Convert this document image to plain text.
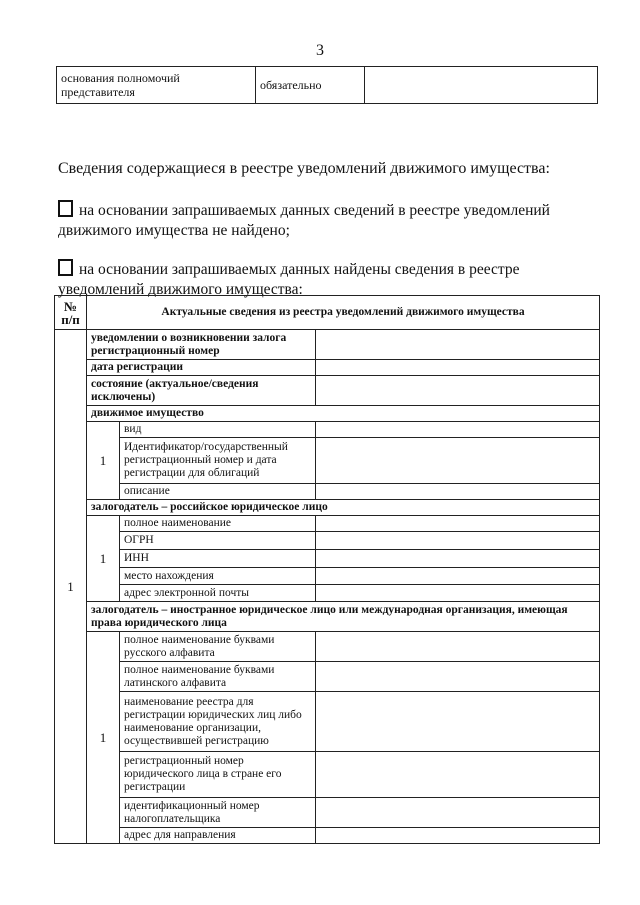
3
основания полномочий представителя	обязательно	
Сведения содержащиеся в реестре уведомлений движимого имущества:
на основании запрашиваемых данных сведений в реестре уведомлений движимого имущества не найдено;
на основании запрашиваемых данных найдены сведения в реестре уведомлений движимого имущества:
№ п/п	Актуальные сведения из реестра уведомлений движимого имущества		
1	уведомлении о возникновении залога регистрационный номер		
	дата регистрации		
	состояние (актуальное/сведения исключены)		
	движимое имущество		
	1	вид	
		Идентификатор/государственный регистрационный номер и дата регистрации для облигаций	
		описание	
	залогодатель – российское юридическое лицо		
	1	полное наименование	
		ОГРН	
		ИНН	
		место нахождения	
		адрес электронной почты	
	залогодатель – иностранное юридическое лицо или международная организация, имеющая права юридического лица		
	1	полное наименование буквами русского алфавита	
		полное наименование буквами латинского алфавита	
		наименование реестра для регистрации юридических лиц либо наименование организации, осуществившей регистрацию	
		регистрационный номер юридического лица в стране его регистрации	
		идентификационный номер налогоплательщика	
		адрес для направления	
